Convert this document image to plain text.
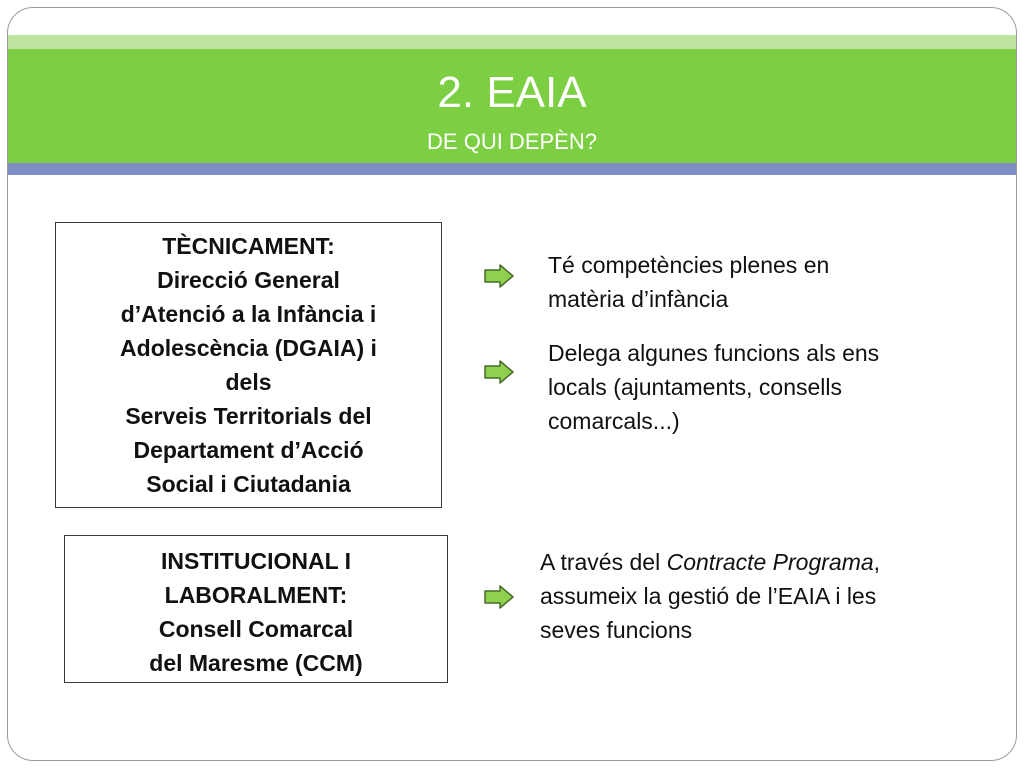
2. EAIA
DE QUI DEPÈN?
TÈCNICAMENT:
Direcció General
d’Atenció a la Infància i
Adolescència (DGAIA) i
dels
Serveis Territorials del
Departament d’Acció
Social i Ciutadania
INSTITUCIONAL I
LABORALMENT:
Consell Comarcal
del Maresme (CCM)
Té competències plenes en
matèria d’infància
Delega algunes funcions als ens
locals (ajuntaments, consells
comarcals...)
A través del Contracte Programa,
assumeix la gestió de l’EAIA i les
seves funcions
